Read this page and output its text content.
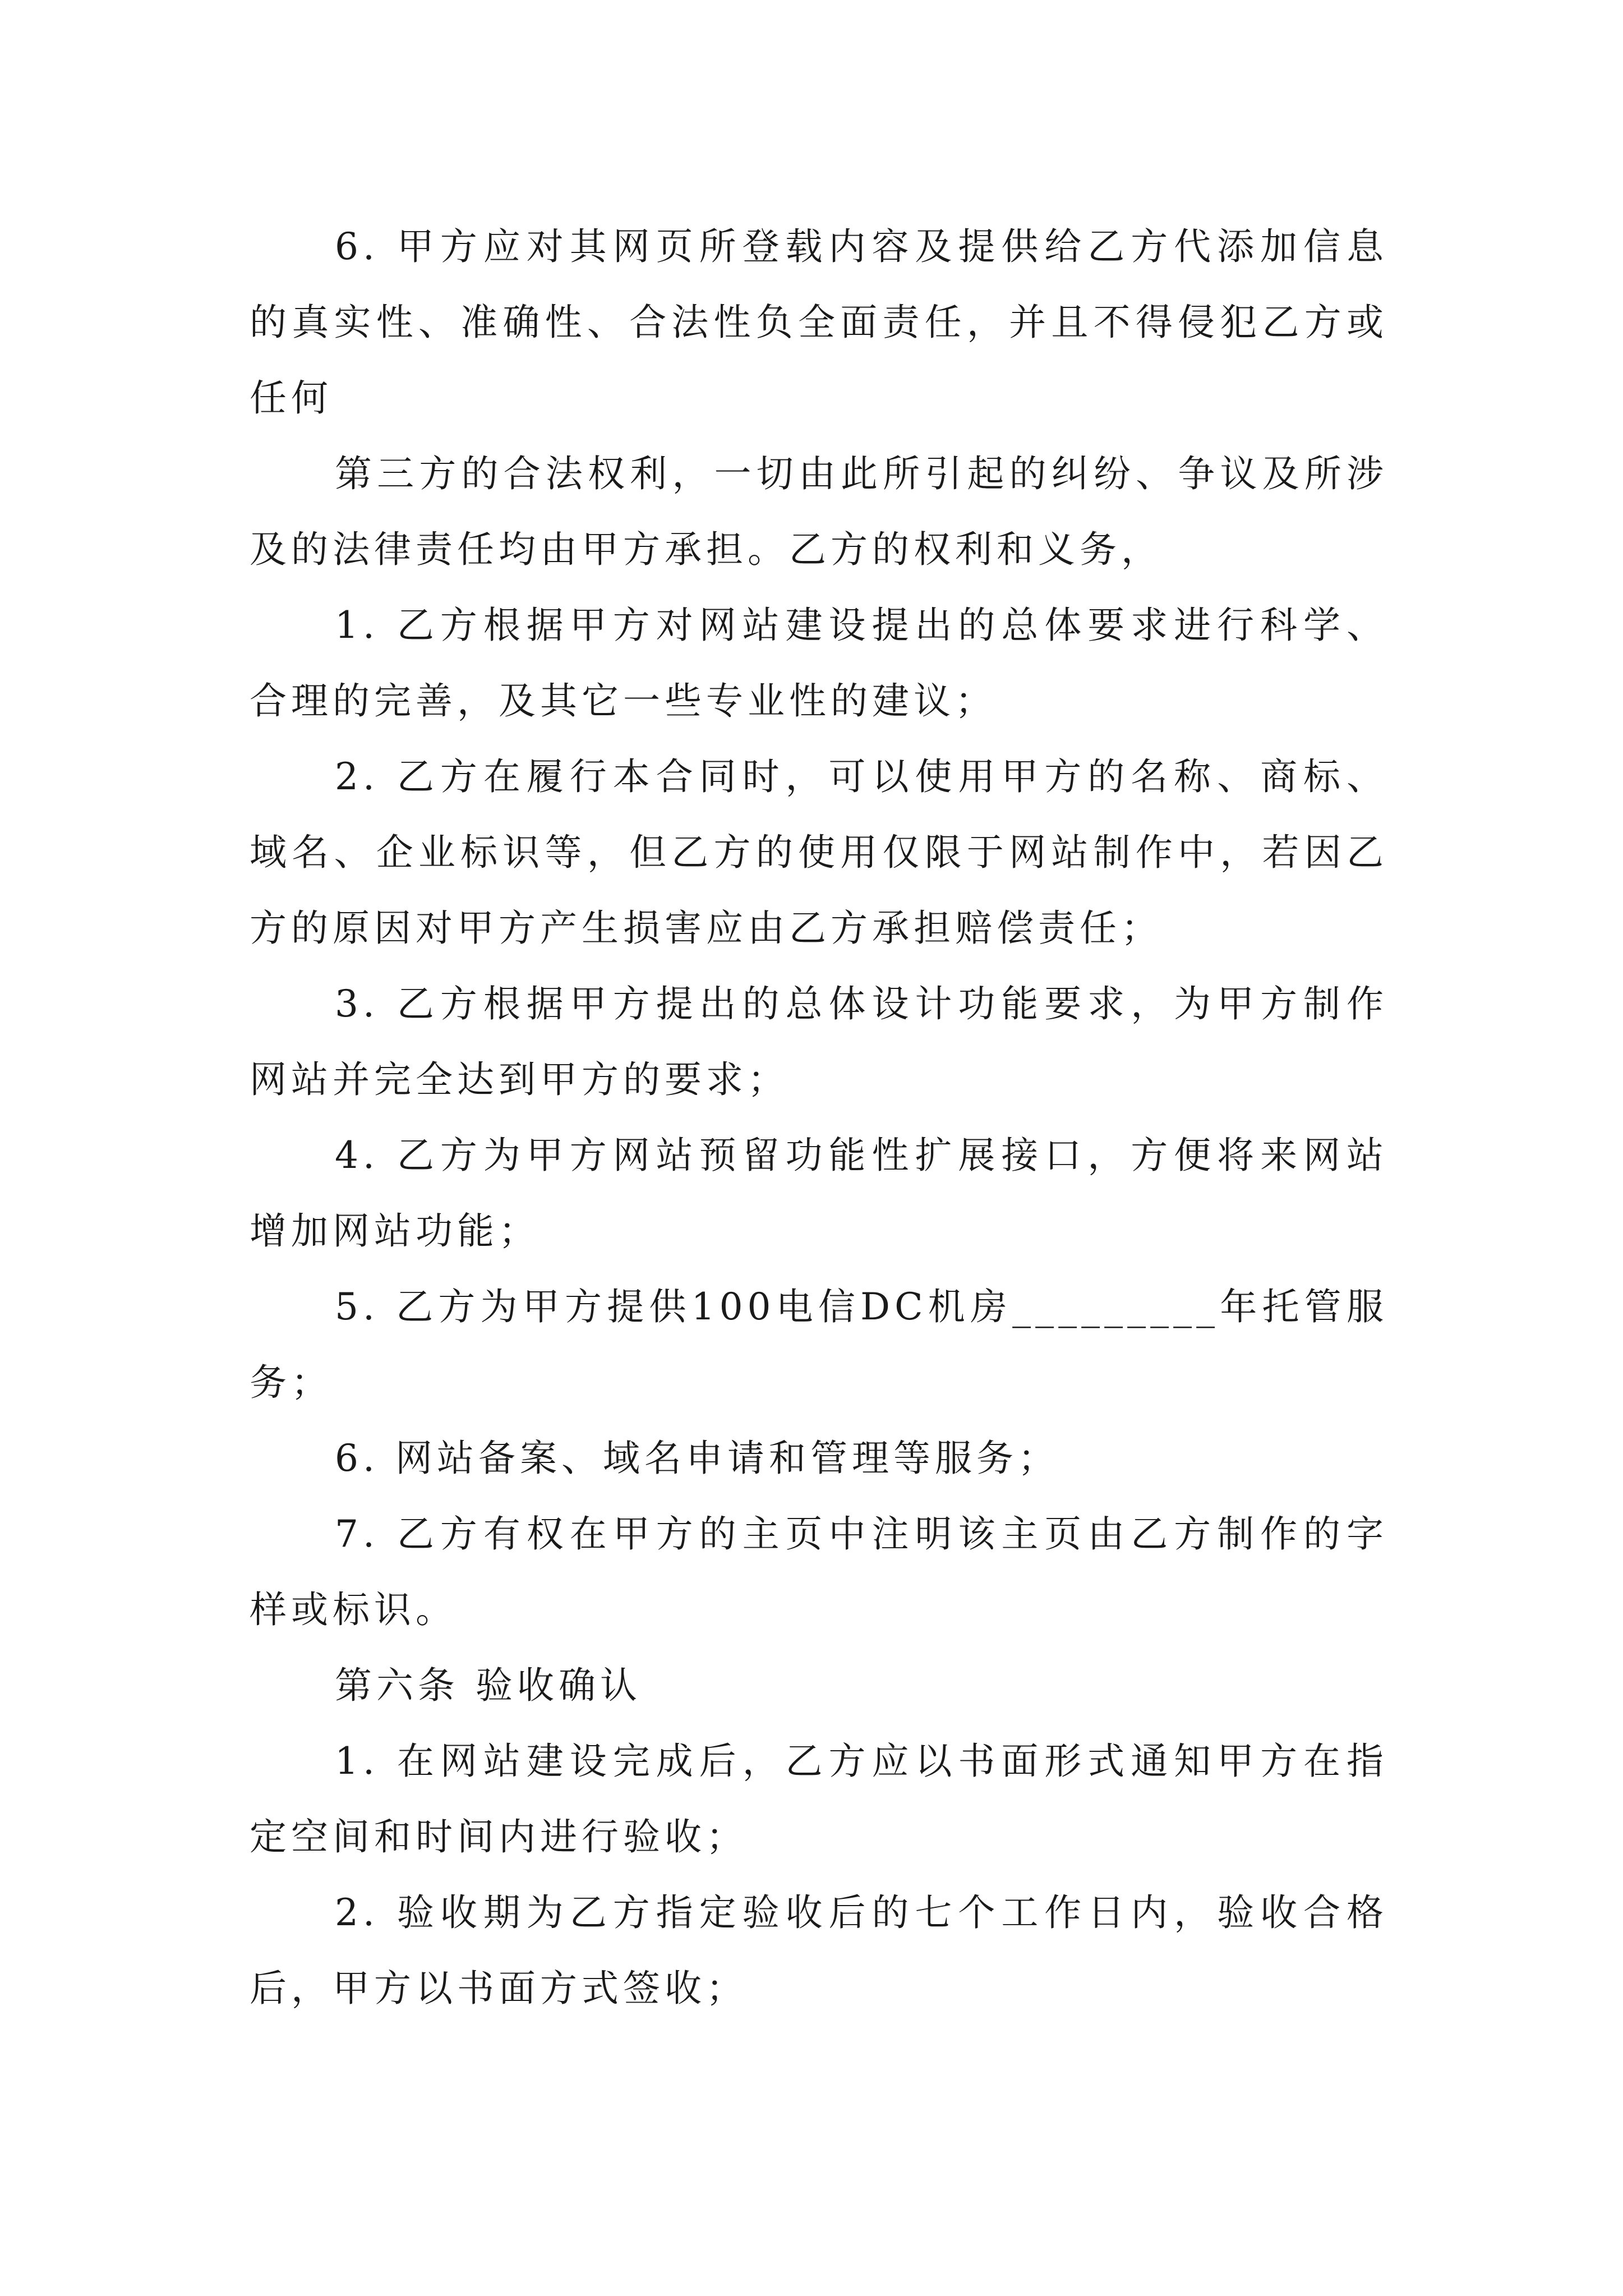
6. 甲方应对其网页所登载内容及提供给乙方代添加信息的真实性、准确性、合法性负全面责任，并且不得侵犯乙方或任何

第三方的合法权利，一切由此所引起的纠纷、争议及所涉及的法律责任均由甲方承担。乙方的权利和义务，

1. 乙方根据甲方对网站建设提出的总体要求进行科学、合理的完善，及其它一些专业性的建议；

2. 乙方在履行本合同时，可以使用甲方的名称、商标、域名、企业标识等，但乙方的使用仅限于网站制作中，若因乙方的原因对甲方产生损害应由乙方承担赔偿责任；

3. 乙方根据甲方提出的总体设计功能要求，为甲方制作网站并完全达到甲方的要求；

4. 乙方为甲方网站预留功能性扩展接口，方便将来网站增加网站功能；

5. 乙方为甲方提供100电信DC机房_________年托管服务；

6. 网站备案、域名申请和管理等服务；

7. 乙方有权在甲方的主页中注明该主页由乙方制作的字样或标识。

第六条 验收确认

1. 在网站建设完成后，乙方应以书面形式通知甲方在指定空间和时间内进行验收；

2. 验收期为乙方指定验收后的七个工作日内，验收合格后，甲方以书面方式签收；
